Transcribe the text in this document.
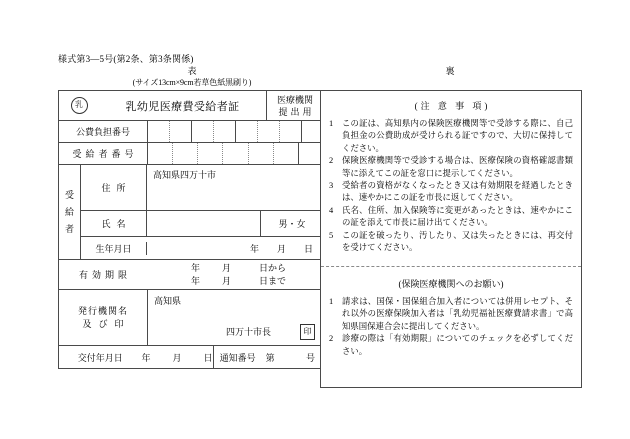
様式第3—5号(第2条、第3条関係)
表
(サイズ13cm×9cm若草色紙黒刷り)
裏
乳	乳幼児医療費受給者証
医療機関
提出用
公費負担番号
受給者番号
受
給
者
住所
高知県四万十市
氏名	男・女
生年月日	年 月 日
有効期限
年 月	日から
年 月	日まで
発行機関名
及び印
高知県
四万十市長	印
交付年月日	年 月 日 通知番号 第	号
(注 意 事 項)
1	この証は、高知県内の保険医療機関等で受診する際に、自己負担金の公費助成が受けられる証ですので、大切に保持してください。
2	保険医療機関等で受診する場合は、医療保険の資格確認書類等に添えてこの証を窓口に提示してください。
3	受給者の資格がなくなったとき又は有効期限を経過したときは、速やかにこの証を市長に返してください。
4	氏名、住所、加入保険等に変更があったときは、速やかにこの証を添えて市長に届け出てください。
5	この証を破ったり、汚したり、又は失ったときには、再交付を受けてください。
(保険医療機関へのお願い)
1	請求は、国保・国保組合加入者については併用レセプト、それ以外の医療保険加入者は「乳幼児福祉医療費請求書」で高知県国保連合会に提出してください。
2	診療の際は「有効期限」についてのチェックを必ずしてください。
